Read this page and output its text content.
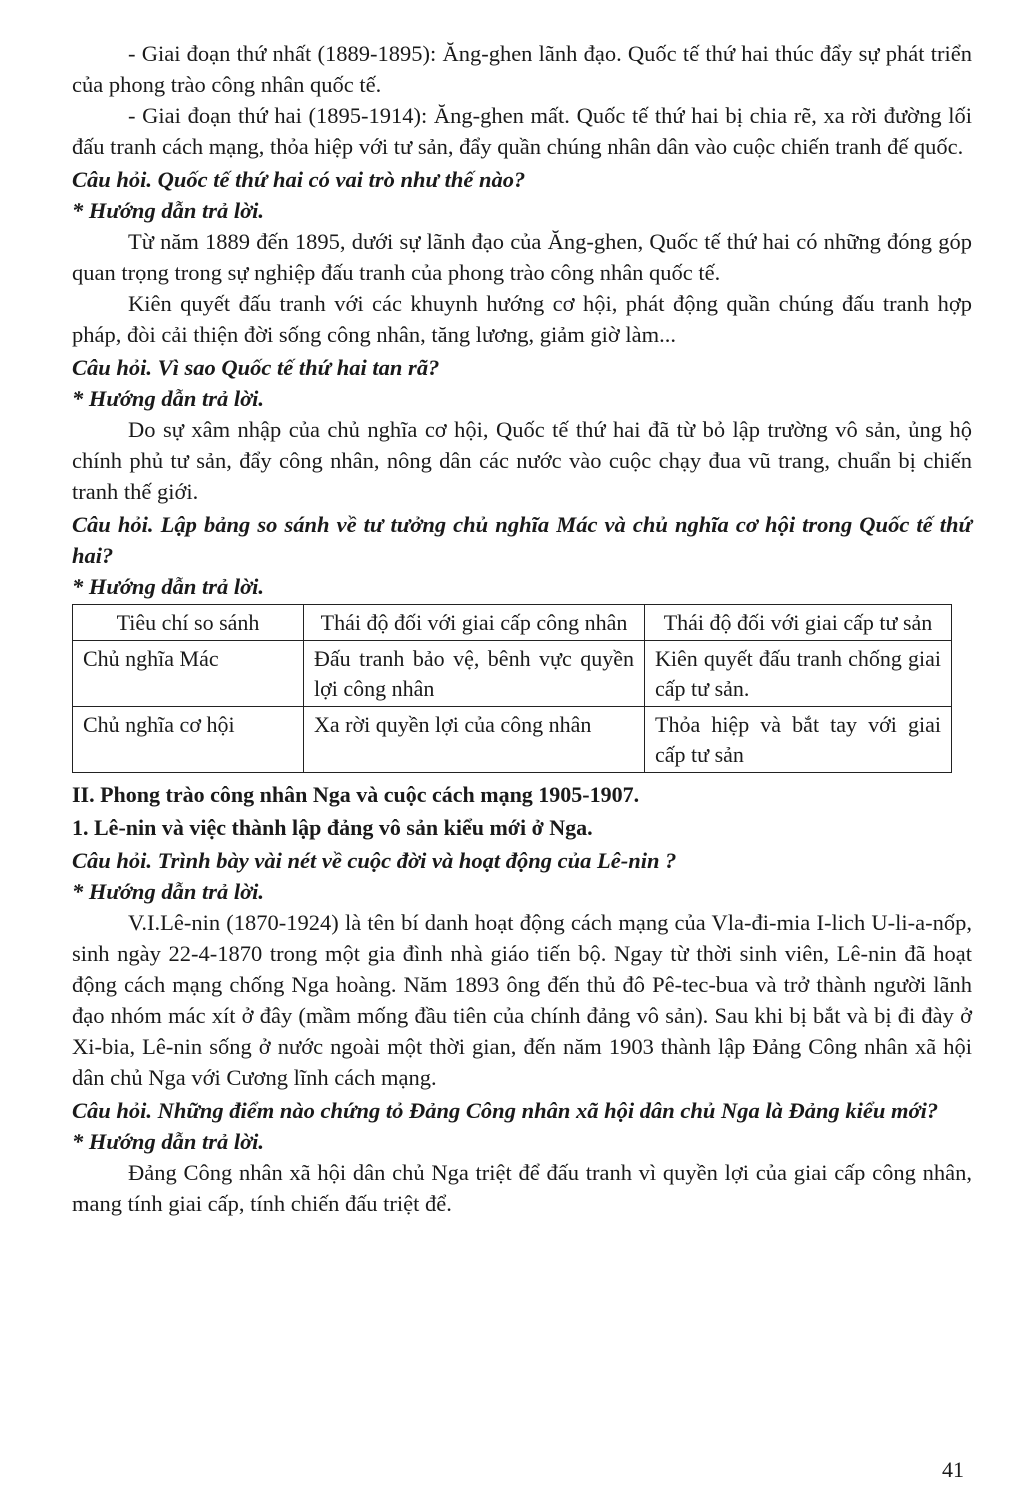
- Giai đoạn thứ nhất (1889-1895): Ăng-ghen lãnh đạo. Quốc tế thứ hai thúc đẩy sự phát triển của phong trào công nhân quốc tế.

- Giai đoạn thứ hai (1895-1914): Ăng-ghen mất. Quốc tế thứ hai bị chia rẽ, xa rời đường lối đấu tranh cách mạng, thỏa hiệp với tư sản, đẩy quần chúng nhân dân vào cuộc chiến tranh đế quốc.

Câu hỏi. Quốc tế thứ hai có vai trò như thế nào?

* Hướng dẫn trả lời.

Từ năm 1889 đến 1895, dưới sự lãnh đạo của Ăng-ghen, Quốc tế thứ hai có những đóng góp quan trọng trong sự nghiệp đấu tranh của phong trào công nhân quốc tế.

Kiên quyết đấu tranh với các khuynh hướng cơ hội, phát động quần chúng đấu tranh hợp pháp, đòi cải thiện đời sống công nhân, tăng lương, giảm giờ làm...

Câu hỏi. Vì sao Quốc tế thứ hai tan rã?

* Hướng dẫn trả lời.

Do sự xâm nhập của chủ nghĩa cơ hội, Quốc tế thứ hai đã từ bỏ lập trường vô sản, ủng hộ chính phủ tư sản, đẩy công nhân, nông dân các nước vào cuộc chạy đua vũ trang, chuẩn bị chiến tranh thế giới.

Câu hỏi. Lập bảng so sánh về tư tưởng chủ nghĩa Mác và chủ nghĩa cơ hội trong Quốc tế thứ hai?

* Hướng dẫn trả lời.

Tiêu chí so sánh	Thái độ đối với giai cấp công nhân	Thái độ đối với giai cấp tư sản
Chủ nghĩa Mác	Đấu tranh bảo vệ, bênh vực quyền lợi công nhân	Kiên quyết đấu tranh chống giai cấp tư sản.
Chủ nghĩa cơ hội	Xa rời quyền lợi của công nhân	Thỏa hiệp và bắt tay với giai cấp tư sản

II. Phong trào công nhân Nga và cuộc cách mạng 1905-1907.

1. Lê-nin và việc thành lập đảng vô sản kiểu mới ở Nga.

Câu hỏi. Trình bày vài nét về cuộc đời và hoạt động của Lê-nin ?

* Hướng dẫn trả lời.

V.I.Lê-nin (1870-1924) là tên bí danh hoạt động cách mạng của Vla-đi-mia I-lich U-li-a-nốp, sinh ngày 22-4-1870 trong một gia đình nhà giáo tiến bộ. Ngay từ thời sinh viên, Lê-nin đã hoạt động cách mạng chống Nga hoàng. Năm 1893 ông đến thủ đô Pê-tec-bua và trở thành người lãnh đạo nhóm mác xít ở đây (mầm mống đầu tiên của chính đảng vô sản). Sau khi bị bắt và bị đi đày ở Xi-bia, Lê-nin sống ở nước ngoài một thời gian, đến năm 1903 thành lập Đảng Công nhân xã hội dân chủ Nga với Cương lĩnh cách mạng.

Câu hỏi. Những điểm nào chứng tỏ Đảng Công nhân xã hội dân chủ Nga là Đảng kiểu mới?

* Hướng dẫn trả lời.

Đảng Công nhân xã hội dân chủ Nga triệt để đấu tranh vì quyền lợi của giai cấp công nhân, mang tính giai cấp, tính chiến đấu triệt để.

41
